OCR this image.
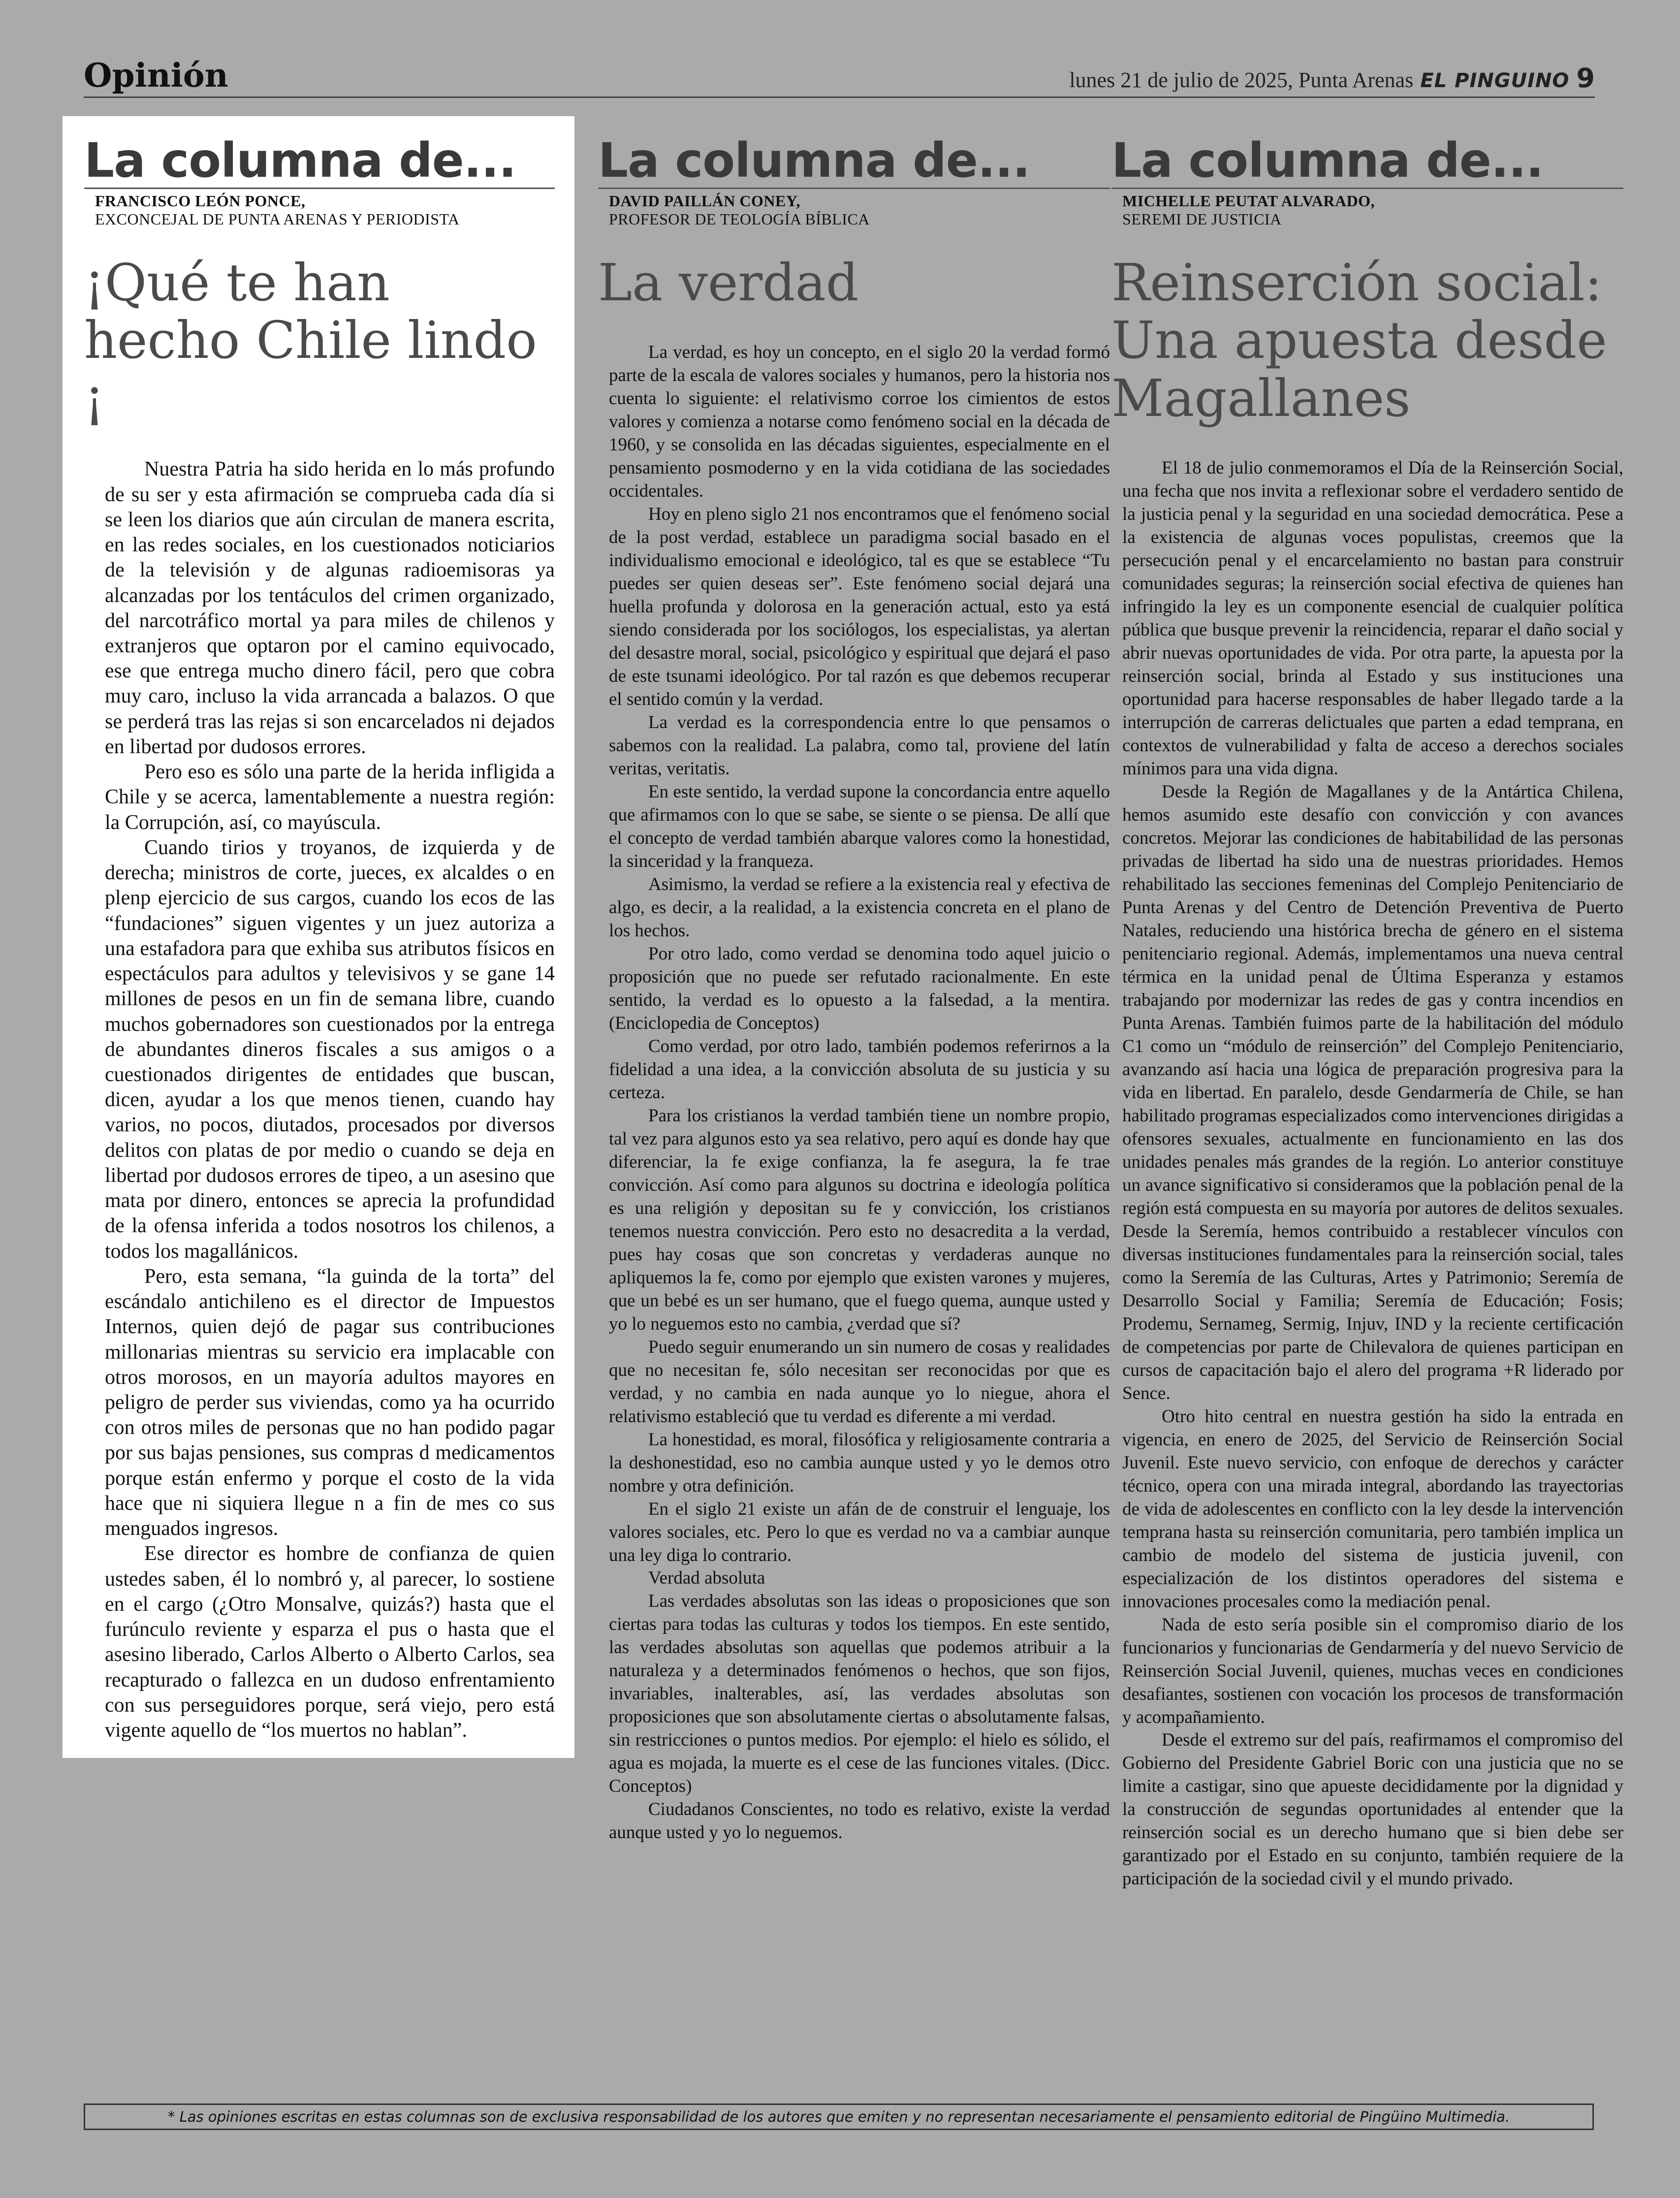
Opinión	lunes 21 de julio de 2025, Punta Arenas EL PINGUINO 9
La columna de...
FRANCISCO LEÓN PONCE,
EXCONCEJAL DE PUNTA ARENAS Y PERIODISTA
¡Qué te han hecho Chile lindo ¡

Nuestra Patria ha sido herida en lo más profundo de su ser y esta afirmación se comprueba cada día si se leen los diarios que aún circulan de manera escrita, en las redes sociales, en los cuestionados noticiarios de la televisión y de algunas radioemisoras ya alcanzadas por los tentáculos del crimen organizado, del narcotráfico mortal ya para miles de chilenos y extranjeros que optaron por el camino equivocado, ese que entrega mucho dinero fácil, pero que cobra muy caro, incluso la vida arrancada a balazos. O que se perderá tras las rejas si son encarcelados ni dejados en libertad por dudosos errores.

Pero eso es sólo una parte de la herida infligida a Chile y se acerca, lamentablemente a nuestra región: la Corrupción, así, co mayúscula.

Cuando tirios y troyanos, de izquierda y de derecha; ministros de corte, jueces, ex alcaldes o en plenp ejercicio de sus cargos, cuando los ecos de las “fundaciones” siguen vigentes y un juez autoriza a una estafadora para que exhiba sus atributos físicos en espectáculos para adultos y televisivos y se gane 14 millones de pesos en un fin de semana libre, cuando muchos gobernadores son cuestionados por la entrega de abundantes dineros fiscales a sus amigos o a cuestionados dirigentes de entidades que buscan, dicen, ayudar a los que menos tienen, cuando hay varios, no pocos, diutados, procesados por diversos delitos con platas de por medio o cuando se deja en libertad por dudosos errores de tipeo, a un asesino que mata por dinero, entonces se aprecia la profundidad de la ofensa inferida a todos nosotros los chilenos, a todos los magallánicos.

Pero, esta semana, “la guinda de la torta” del escándalo antichileno es el director de Impuestos Internos, quien dejó de pagar sus contribuciones millonarias mientras su servicio era implacable con otros morosos, en un mayoría adultos mayores en peligro de perder sus viviendas, como ya ha ocurrido con otros miles de personas que no han podido pagar por sus bajas pensiones, sus compras d medicamentos porque están enfermo y porque el costo de la vida hace que ni siquiera llegue n a fin de mes co sus menguados ingresos.

Ese director es hombre de confianza de quien ustedes saben, él lo nombró y, al parecer, lo sostiene en el cargo (¿Otro Monsalve, quizás?) hasta que el furúnculo reviente y esparza el pus o hasta que el asesino liberado, Carlos Alberto o Alberto Carlos, sea recapturado o fallezca en un dudoso enfrentamiento con sus perseguidores porque, será viejo, pero está vigente aquello de “los muertos no hablan”.

La columna de...
DAVID PAILLÁN CONEY,
PROFESOR DE TEOLOGÍA BÍBLICA
La verdad

La verdad, es hoy un concepto, en el siglo 20 la verdad formó parte de la escala de valores sociales y humanos, pero la historia nos cuenta lo siguiente: el relativismo corroe los cimientos de estos valores y comienza a notarse como fenómeno social en la década de 1960, y se consolida en las décadas siguientes, especialmente en el pensamiento posmoderno y en la vida cotidiana de las sociedades occidentales.

Hoy en pleno siglo 21 nos encontramos que el fenómeno social de la post verdad, establece un paradigma social basado en el individualismo emocional e ideológico, tal es que se establece “Tu puedes ser quien deseas ser”. Este fenómeno social dejará una huella profunda y dolorosa en la generación actual, esto ya está siendo considerada por los sociólogos, los especialistas, ya alertan del desastre moral, social, psicológico y espiritual que dejará el paso de este tsunami ideológico. Por tal razón es que debemos recuperar el sentido común y la verdad.

La verdad es la correspondencia entre lo que pensamos o sabemos con la realidad. La palabra, como tal, proviene del latín veritas, veritatis.

En este sentido, la verdad supone la concordancia entre aquello que afirmamos con lo que se sabe, se siente o se piensa. De allí que el concepto de verdad también abarque valores como la honestidad, la sinceridad y la franqueza.

Asimismo, la verdad se refiere a la existencia real y efectiva de algo, es decir, a la realidad, a la existencia concreta en el plano de los hechos.

Por otro lado, como verdad se denomina todo aquel juicio o proposición que no puede ser refutado racionalmente. En este sentido, la verdad es lo opuesto a la falsedad, a la mentira. (Enciclopedia de Conceptos)

Como verdad, por otro lado, también podemos referirnos a la fidelidad a una idea, a la convicción absoluta de su justicia y su certeza.

Para los cristianos la verdad también tiene un nombre propio, tal vez para algunos esto ya sea relativo, pero aquí es donde hay que diferenciar, la fe exige confianza, la fe asegura, la fe trae convicción. Así como para algunos su doctrina e ideología política es una religión y depositan su fe y convicción, los cristianos tenemos nuestra convicción. Pero esto no desacredita a la verdad, pues hay cosas que son concretas y verdaderas aunque no apliquemos la fe, como por ejemplo que existen varones y mujeres, que un bebé es un ser humano, que el fuego quema, aunque usted y yo lo neguemos esto no cambia, ¿verdad que sí?

Puedo seguir enumerando un sin numero de cosas y realidades que no necesitan fe, sólo necesitan ser reconocidas por que es verdad, y no cambia en nada aunque yo lo niegue, ahora el relativismo estableció que tu verdad es diferente a mi verdad.

La honestidad, es moral, filosófica y religiosamente contraria a la deshonestidad, eso no cambia aunque usted y yo le demos otro nombre y otra definición.

En el siglo 21 existe un afán de de construir el lenguaje, los valores sociales, etc. Pero lo que es verdad no va a cambiar aunque una ley diga lo contrario.

Verdad absoluta

Las verdades absolutas son las ideas o proposiciones que son ciertas para todas las culturas y todos los tiempos. En este sentido, las verdades absolutas son aquellas que podemos atribuir a la naturaleza y a determinados fenómenos o hechos, que son fijos, invariables, inalterables, así, las verdades absolutas son proposiciones que son absolutamente ciertas o absolutamente falsas, sin restricciones o puntos medios. Por ejemplo: el hielo es sólido, el agua es mojada, la muerte es el cese de las funciones vitales. (Dicc. Conceptos)

Ciudadanos Conscientes, no todo es relativo, existe la verdad aunque usted y yo lo neguemos.

La columna de...
MICHELLE PEUTAT ALVARADO,
SEREMI DE JUSTICIA
Reinserción social: Una apuesta desde Magallanes

El 18 de julio conmemoramos el Día de la Reinserción Social, una fecha que nos invita a reflexionar sobre el verdadero sentido de la justicia penal y la seguridad en una sociedad democrática. Pese a la existencia de algunas voces populistas, creemos que la persecución penal y el encarcelamiento no bastan para construir comunidades seguras; la reinserción social efectiva de quienes han infringido la ley es un componente esencial de cualquier política pública que busque prevenir la reincidencia, reparar el daño social y abrir nuevas oportunidades de vida. Por otra parte, la apuesta por la reinserción social, brinda al Estado y sus instituciones una oportunidad para hacerse responsables de haber llegado tarde a la interrupción de carreras delictuales que parten a edad temprana, en contextos de vulnerabilidad y falta de acceso a derechos sociales mínimos para una vida digna.

Desde la Región de Magallanes y de la Antártica Chilena, hemos asumido este desafío con convicción y con avances concretos. Mejorar las condiciones de habitabilidad de las personas privadas de libertad ha sido una de nuestras prioridades. Hemos rehabilitado las secciones femeninas del Complejo Penitenciario de Punta Arenas y del Centro de Detención Preventiva de Puerto Natales, reduciendo una histórica brecha de género en el sistema penitenciario regional. Además, implementamos una nueva central térmica en la unidad penal de Última Esperanza y estamos trabajando por modernizar las redes de gas y contra incendios en Punta Arenas. También fuimos parte de la habilitación del módulo C1 como un “módulo de reinserción” del Complejo Penitenciario, avanzando así hacia una lógica de preparación progresiva para la vida en libertad. En paralelo, desde Gendarmería de Chile, se han habilitado programas especializados como intervenciones dirigidas a ofensores sexuales, actualmente en funcionamiento en las dos unidades penales más grandes de la región. Lo anterior constituye un avance significativo si consideramos que la población penal de la región está compuesta en su mayoría por autores de delitos sexuales. Desde la Seremía, hemos contribuido a restablecer vínculos con diversas instituciones fundamentales para la reinserción social, tales como la Seremía de las Culturas, Artes y Patrimonio; Seremía de Desarrollo Social y Familia; Seremía de Educación; Fosis; Prodemu, Sernameg, Sermig, Injuv, IND y la reciente certificación de competencias por parte de Chilevalora de quienes participan en cursos de capacitación bajo el alero del programa +R liderado por Sence.

Otro hito central en nuestra gestión ha sido la entrada en vigencia, en enero de 2025, del Servicio de Reinserción Social Juvenil. Este nuevo servicio, con enfoque de derechos y carácter técnico, opera con una mirada integral, abordando las trayectorias de vida de adolescentes en conflicto con la ley desde la intervención temprana hasta su reinserción comunitaria, pero también implica un cambio de modelo del sistema de justicia juvenil, con especialización de los distintos operadores del sistema e innovaciones procesales como la mediación penal.

Nada de esto sería posible sin el compromiso diario de los funcionarios y funcionarias de Gendarmería y del nuevo Servicio de Reinserción Social Juvenil, quienes, muchas veces en condiciones desafiantes, sostienen con vocación los procesos de transformación y acompañamiento.

Desde el extremo sur del país, reafirmamos el compromiso del Gobierno del Presidente Gabriel Boric con una justicia que no se limite a castigar, sino que apueste decididamente por la dignidad y la construcción de segundas oportunidades al entender que la reinserción social es un derecho humano que si bien debe ser garantizado por el Estado en su conjunto, también requiere de la participación de la sociedad civil y el mundo privado.

* Las opiniones escritas en estas columnas son de exclusiva responsabilidad de los autores que emiten y no representan necesariamente el pensamiento editorial de Pingüino Multimedia.
